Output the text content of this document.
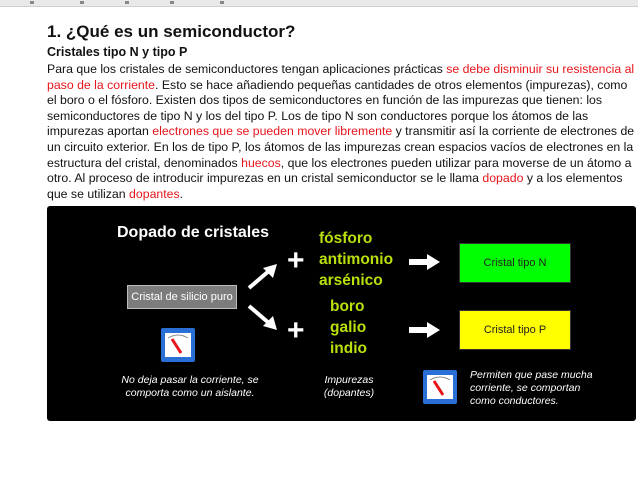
1. ¿Qué es un semiconductor?
Cristales tipo N y tipo P
Para que los cristales de semiconductores tengan aplicaciones prácticas se debe disminuir su resistencia al paso de la corriente. Esto se hace añadiendo pequeñas cantidades de otros elementos (impurezas), como el boro o el fósforo. Existen dos tipos de semiconductores en función de las impurezas que tienen: los semiconductores de tipo N y los del tipo P. Los de tipo N son conductores porque los átomos de las impurezas aportan electrones que se pueden mover libremente y transmitir así la corriente de electrones de un circuito exterior. En los de tipo P, los átomos de las impurezas crean espacios vacíos de electrones en la estructura del cristal, denominados huecos, que los electrones pueden utilizar para moverse de un átomo a otro. Al proceso de introducir impurezas en un cristal semiconductor se le llama dopado y a los elementos que se utilizan dopantes.
Dopado de cristales
Cristal de silicio puro
+
+
fósforo
antimonio
arsénico
boro
galio
indio
Cristal tipo N
Cristal tipo P
No deja pasar la corriente, se
comporta como un aislante.
Impurezas
(dopantes)
Permiten que pase mucha
corriente, se comportan
como conductores.
